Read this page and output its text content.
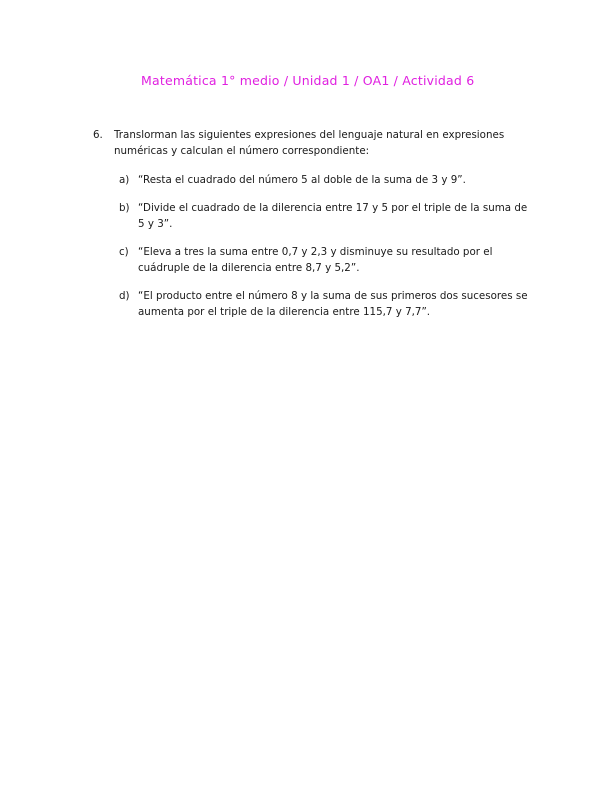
Matemática 1° medio / Unidad 1 / OA1 / Actividad 6
6. Translorman las siguientes expresiones del lenguaje natural en expresiones
numéricas y calculan el número correspondiente:
a) “Resta el cuadrado del número 5 al doble de la suma de 3 y 9”.
b) “Divide el cuadrado de la dilerencia entre 17 y 5 por el triple de la suma de
5 y 3”.
c) “Eleva a tres la suma entre 0,7 y 2,3 y disminuye su resultado por el
cuádruple de la dilerencia entre 8,7 y 5,2”.
d) “El producto entre el número 8 y la suma de sus primeros dos sucesores se
aumenta por el triple de la dilerencia entre 115,7 y 7,7”.
